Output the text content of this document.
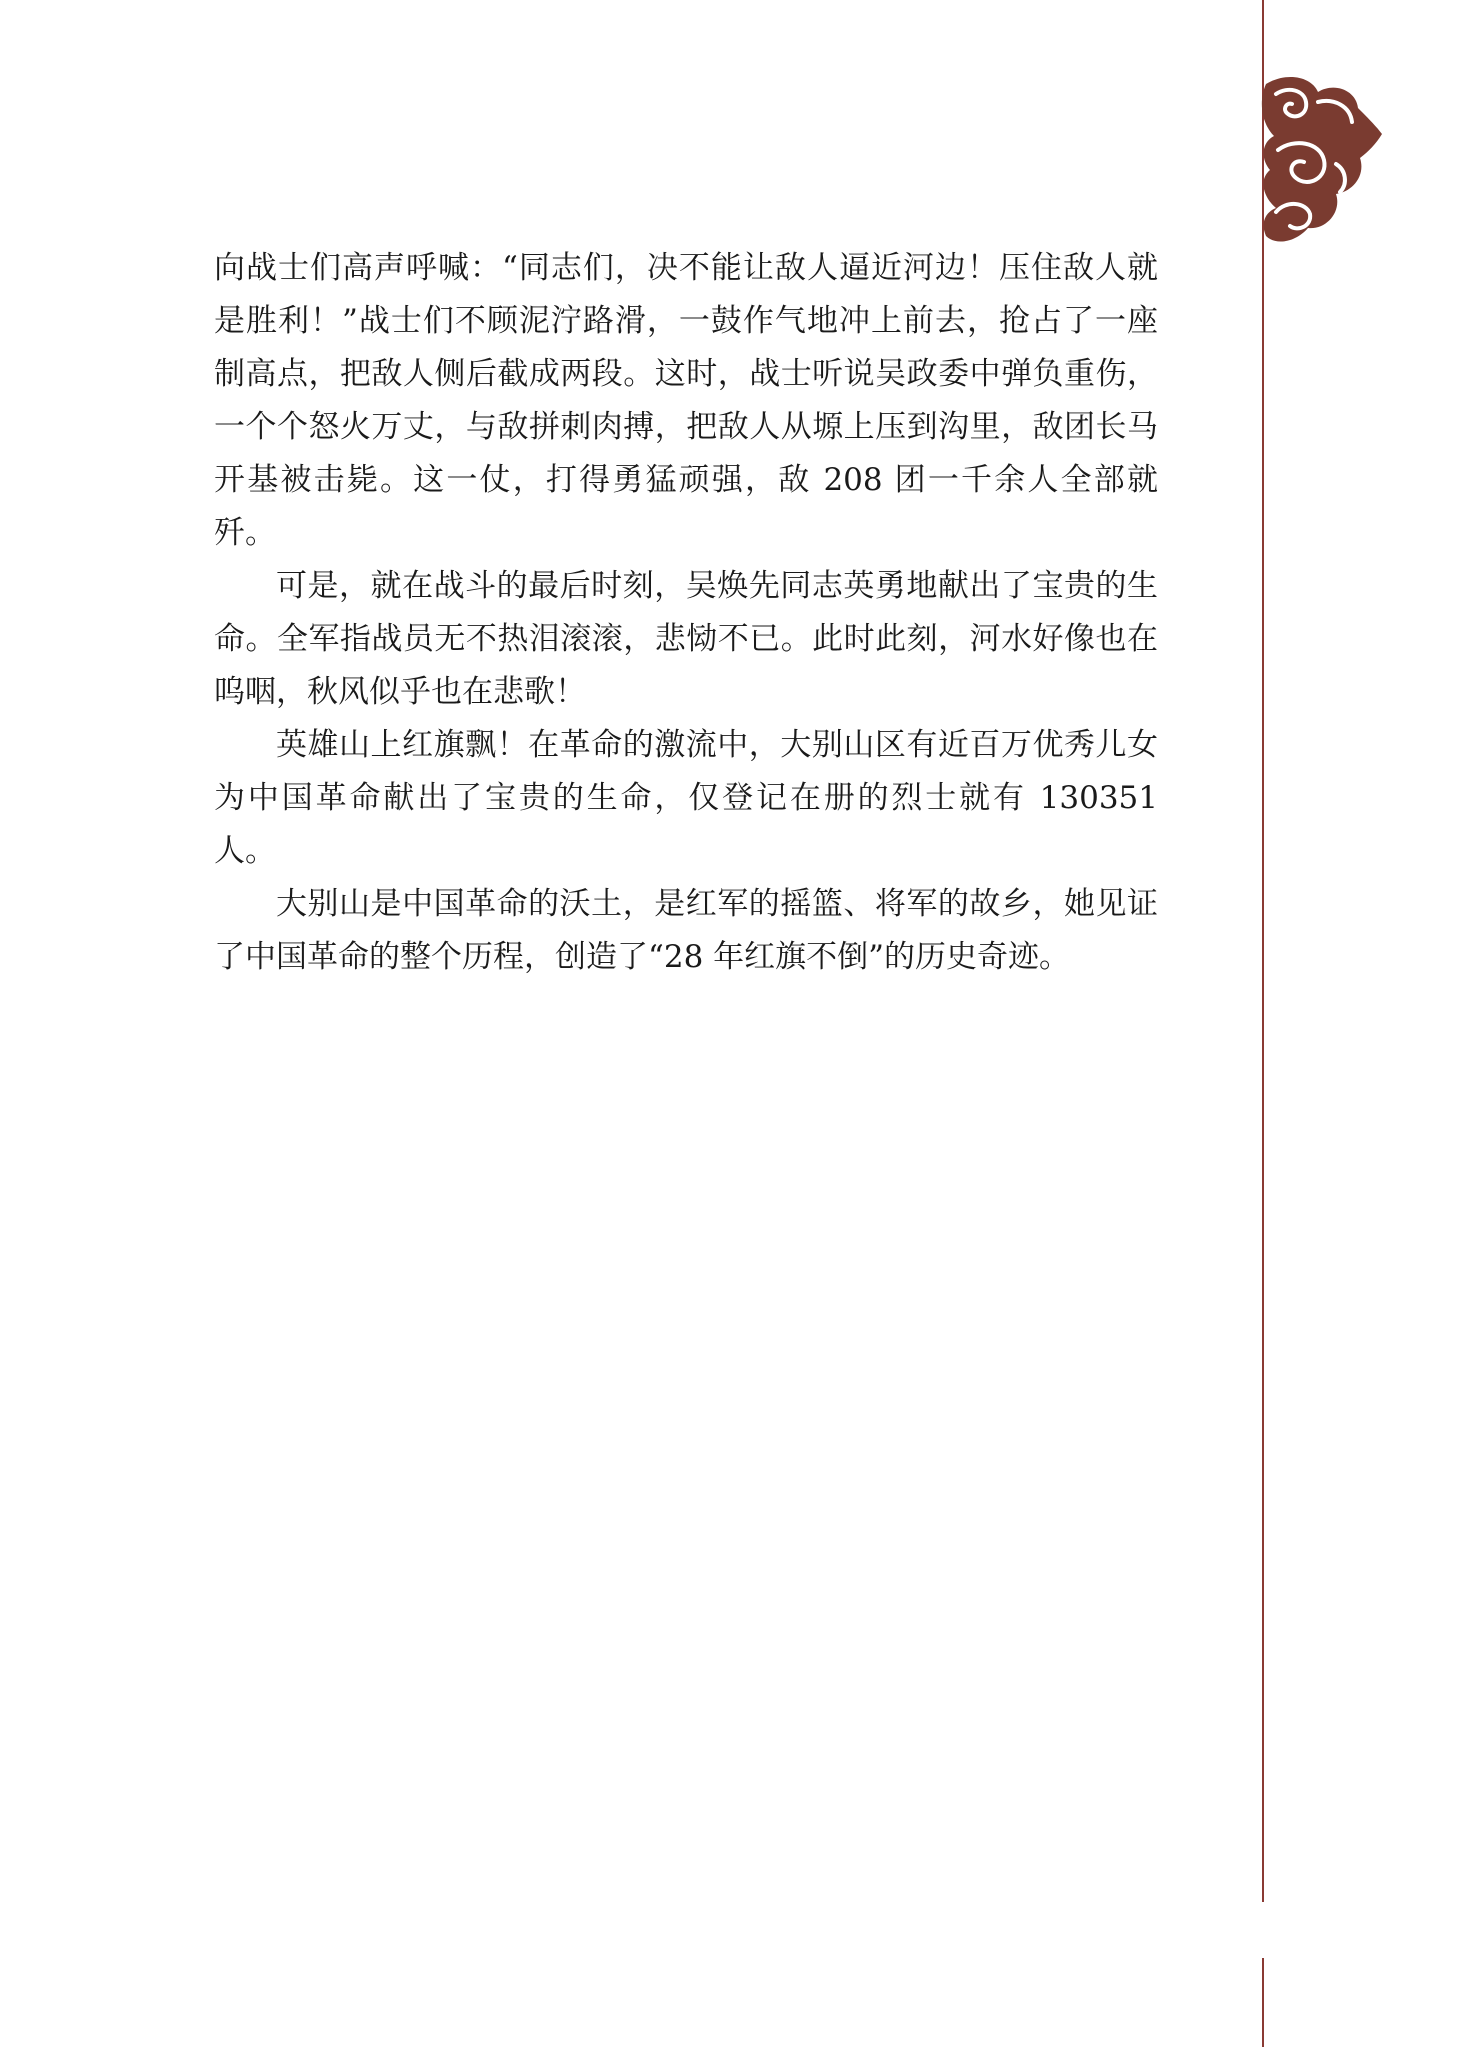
向战士们高声呼喊：“同志们，决不能让敌人逼近河边！压住敌人就是胜利！”战士们不顾泥泞路滑，一鼓作气地冲上前去，抢占了一座制高点，把敌人侧后截成两段。这时，战士听说吴政委中弹负重伤，一个个怒火万丈，与敌拼刺肉搏，把敌人从塬上压到沟里，敌团长马开基被击毙。这一仗，打得勇猛顽强，敌 208 团一千余人全部就歼。

可是，就在战斗的最后时刻，吴焕先同志英勇地献出了宝贵的生命。全军指战员无不热泪滚滚，悲恸不已。此时此刻，河水好像也在呜咽，秋风似乎也在悲歌！

英雄山上红旗飘！在革命的激流中，大别山区有近百万优秀儿女为中国革命献出了宝贵的生命，仅登记在册的烈士就有 130351 人。

大别山是中国革命的沃土，是红军的摇篮、将军的故乡，她见证了中国革命的整个历程，创造了“28 年红旗不倒”的历史奇迹。
